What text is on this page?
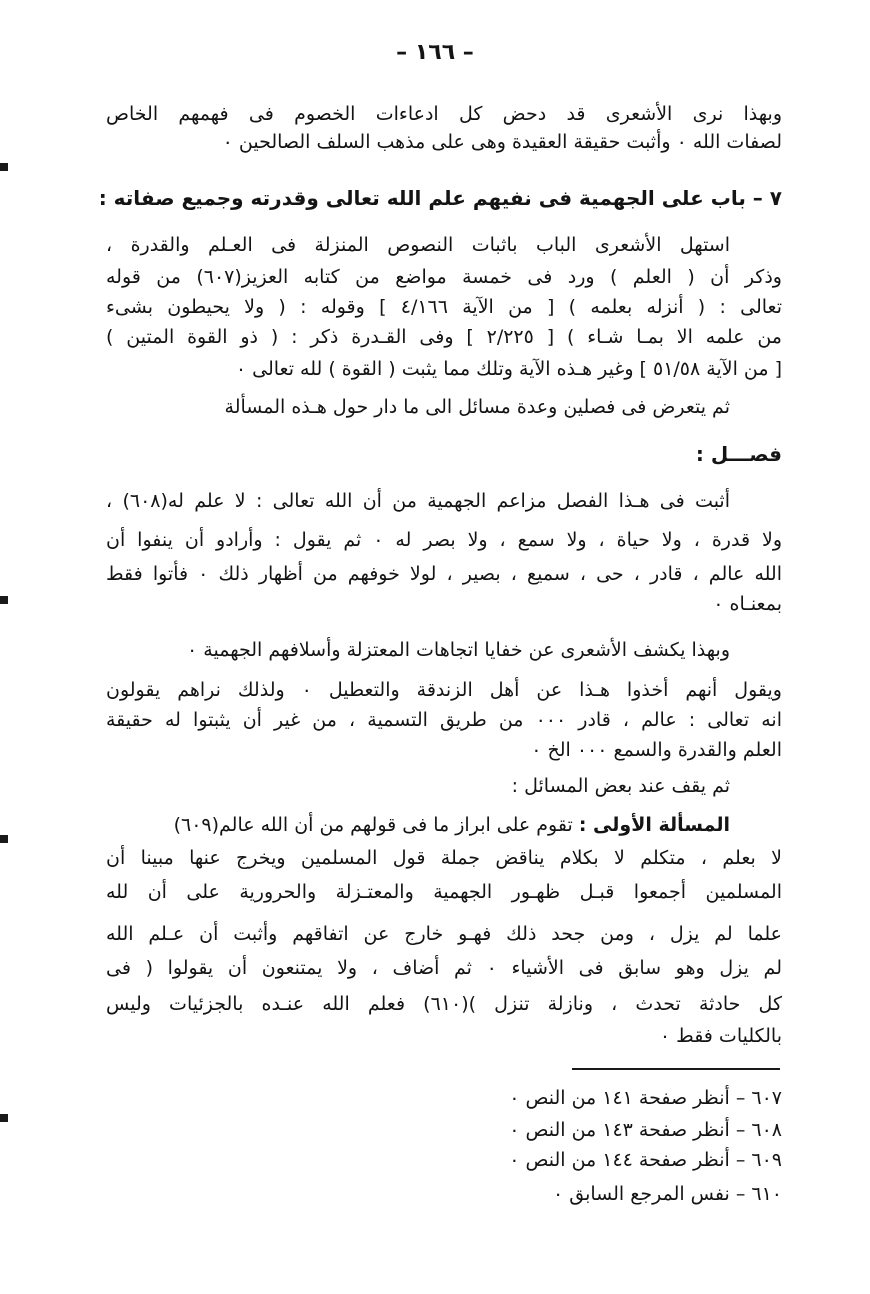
– ١٦٦ –
وبهذا نرى الأشعرى قد دحض كل ادعاءات الخصوم فى فهمهم الخاص
لصفات الله ٠ وأثبت حقيقة العقيدة وهى على مذهب السلف الصالحين ٠
٧ – باب على الجهمية فى نفيهم علم الله تعالى وقدرته وجميع صفاته :
استهل الأشعرى الباب باثبات النصوص المنزلة فى العـلم والقدرة ،
وذكر أن ( العلم ) ورد فى خمسة مواضع من كتابه العزيز(٦٠٧) من قوله
تعالى : ( أنزله بعلمه ) [ من الآية ٤/١٦٦ ] وقوله : ( ولا يحيطون بشىء
من علمه الا بمـا شـاء ) [ ٢/٢٢٥ ] وفى القـدرة ذكر : ( ذو القوة المتين )
[ من الآية ٥١/٥٨ ] وغير هـذه الآية وتلك مما يثبت ( القوة ) لله تعالى ٠
ثم يتعرض فى فصلين وعدة مسائل الى ما دار حول هـذه المسألة
فصـــل :
أثبت فى هـذا الفصل مزاعم الجهمية من أن الله تعالى : لا علم له(٦٠٨) ،
ولا قدرة ، ولا حياة ، ولا سمع ، ولا بصر له ٠ ثم يقول : وأرادو أن ينفوا أن
الله عالم ، قادر ، حى ، سميع ، بصير ، لولا خوفهم من أظهار ذلك ٠ فأتوا فقط
بمعنـاه ٠
وبهذا يكشف الأشعرى عن خفايا اتجاهات المعتزلة وأسلافهم الجهمية ٠
ويقول أنهم أخذوا هـذا عن أهل الزندقة والتعطيل ٠ ولذلك نراهم يقولون
انه تعالى : عالم ، قادر ٠٠٠ من طريق التسمية ، من غير أن يثبتوا له حقيقة
العلم والقدرة والسمع ٠٠٠ الخ ٠
ثم يقف عند بعض المسائل :
المسألة الأولى : تقوم على ابراز ما فى قولهم من أن الله عالم(٦٠٩)
لا بعلم ، متكلم لا بكلام يناقض جملة قول المسلمين ويخرج عنها مبينا أن
المسلمين أجمعوا قبـل ظهـور الجهمية والمعتـزلة والحرورية على أن لله
علما لم يزل ، ومن جحد ذلك فهـو خارج عن اتفاقهم وأثبت أن عـلم الله
لم يزل وهو سابق فى الأشياء ٠ ثم أضاف ، ولا يمتنعون أن يقولوا ( فى
كل حادثة تحدث ، ونازلة تنزل )(٦١٠) فعلم الله عنـده بالجزئيات وليس
بالكليات فقط ٠
٦٠٧ – أنظر صفحة ١٤١ من النص ٠
٦٠٨ – أنظر صفحة ١٤٣ من النص ٠
٦٠٩ – أنظر صفحة ١٤٤ من النص ٠
٦١٠ – نفس المرجع السابق ٠
